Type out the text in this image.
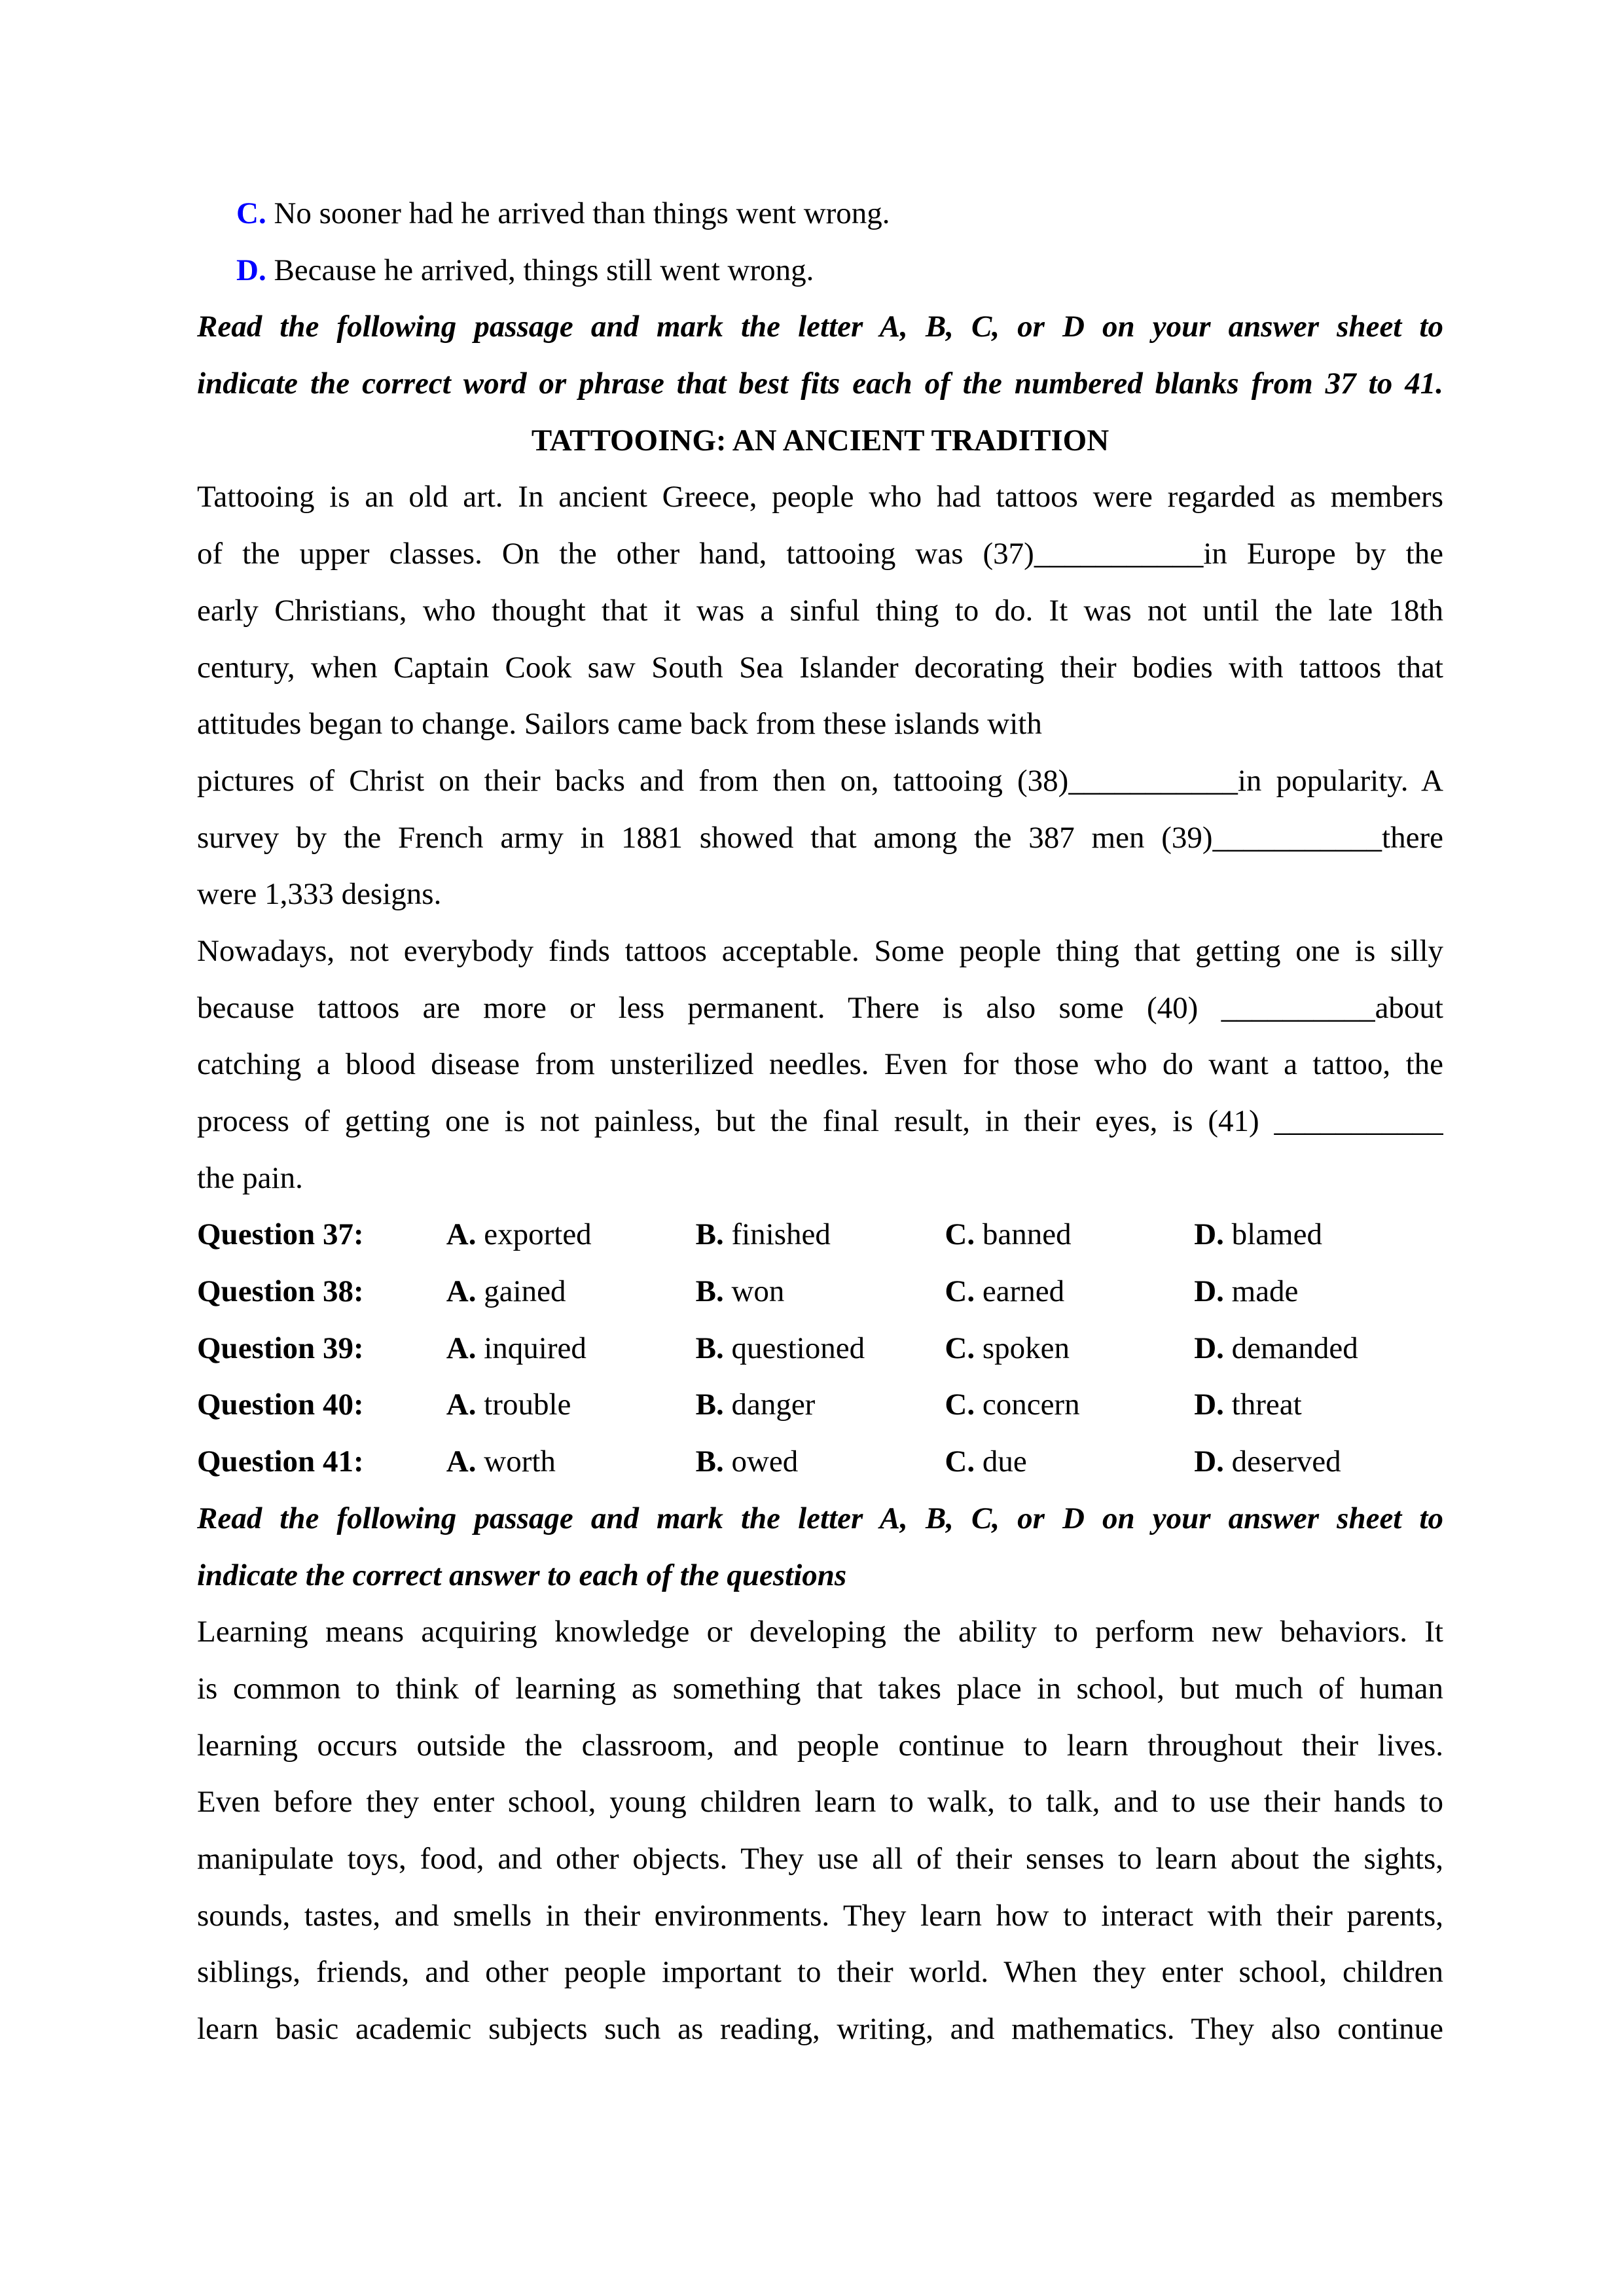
C. No sooner had he arrived than things went wrong.
D. Because he arrived, things still went wrong.
Read the following passage and mark the letter A, B, C, or D on your answer sheet to
indicate the correct word or phrase that best fits each of the numbered blanks from 37 to 41.
TATTOOING: AN ANCIENT TRADITION
Tattooing is an old art. In ancient Greece, people who had tattoos were regarded as members
of the upper classes. On the other hand, tattooing was (37)___________in Europe by the
early Christians, who thought that it was a sinful thing to do. It was not until the late 18th
century, when Captain Cook saw South Sea Islander decorating their bodies with tattoos that
attitudes began to change. Sailors came back from these islands with
pictures of Christ on their backs and from then on, tattooing (38)___________in popularity. A
survey by the French army in 1881 showed that among the 387 men (39)___________there
were 1,333 designs.
Nowadays, not everybody finds tattoos acceptable. Some people thing that getting one is silly
because tattoos are more or less permanent. There is also some (40) __________about
catching a blood disease from unsterilized needles. Even for those who do want a tattoo, the
process of getting one is not painless, but the final result, in their eyes, is (41) ___________
the pain.
Question 37:	A. exported	B. finished	C. banned	D. blamed
Question 38:	A. gained	B. won	C. earned	D. made
Question 39:	A. inquired	B. questioned	C. spoken	D. demanded
Question 40:	A. trouble	B. danger	C. concern	D. threat
Question 41:	A. worth	B. owed	C. due	D. deserved
Read the following passage and mark the letter A, B, C, or D on your answer sheet to
indicate the correct answer to each of the questions
Learning means acquiring knowledge or developing the ability to perform new behaviors. It
is common to think of learning as something that takes place in school, but much of human
learning occurs outside the classroom, and people continue to learn throughout their lives.
Even before they enter school, young children learn to walk, to talk, and to use their hands to
manipulate toys, food, and other objects. They use all of their senses to learn about the sights,
sounds, tastes, and smells in their environments. They learn how to interact with their parents,
siblings, friends, and other people important to their world. When they enter school, children
learn basic academic subjects such as reading, writing, and mathematics. They also continue
